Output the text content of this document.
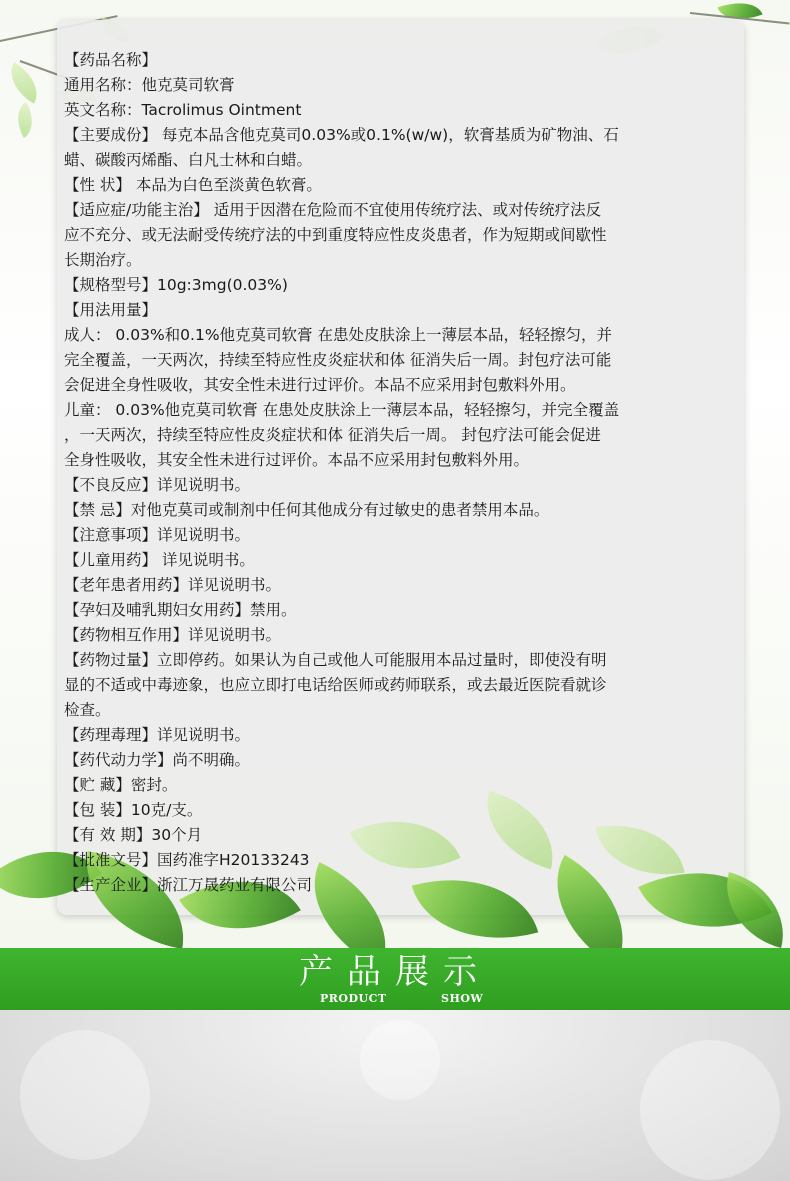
【药品名称】
通用名称：他克莫司软膏
英文名称：Tacrolimus Ointment
【主要成份】 每克本品含他克莫司0.03%或0.1%(w/w)，软膏基质为矿物油、石
蜡、碳酸丙烯酯、白凡士林和白蜡。
【性 状】 本品为白色至淡黄色软膏。
【适应症/功能主治】 适用于因潜在危险而不宜使用传统疗法、或对传统疗法反
应不充分、或无法耐受传统疗法的中到重度特应性皮炎患者，作为短期或间歇性
长期治疗。
【规格型号】10g:3mg(0.03%)
【用法用量】
成人： 0.03%和0.1%他克莫司软膏 在患处皮肤涂上一薄层本品，轻轻擦匀，并
完全覆盖，一天两次，持续至特应性皮炎症状和体 征消失后一周。封包疗法可能
会促进全身性吸收，其安全性未进行过评价。本品不应采用封包敷料外用。
儿童： 0.03%他克莫司软膏 在患处皮肤涂上一薄层本品，轻轻擦匀，并完全覆盖
，一天两次，持续至特应性皮炎症状和体 征消失后一周。 封包疗法可能会促进
全身性吸收，其安全性未进行过评价。本品不应采用封包敷料外用。
【不良反应】详见说明书。
【禁 忌】对他克莫司或制剂中任何其他成分有过敏史的患者禁用本品。
【注意事项】详见说明书。
【儿童用药】 详见说明书。
【老年患者用药】详见说明书。
【孕妇及哺乳期妇女用药】禁用。
【药物相互作用】详见说明书。
【药物过量】立即停药。如果认为自己或他人可能服用本品过量时，即使没有明
显的不适或中毒迹象，也应立即打电话给医师或药师联系，或去最近医院看就诊
检查。
【药理毒理】详见说明书。
【药代动力学】尚不明确。
【贮 藏】密封。
【包 装】10克/支。
【有 效 期】30个月
【批准文号】国药准字H20133243
【生产企业】浙江万晟药业有限公司
产品展示
PRODUCT	SHOW
